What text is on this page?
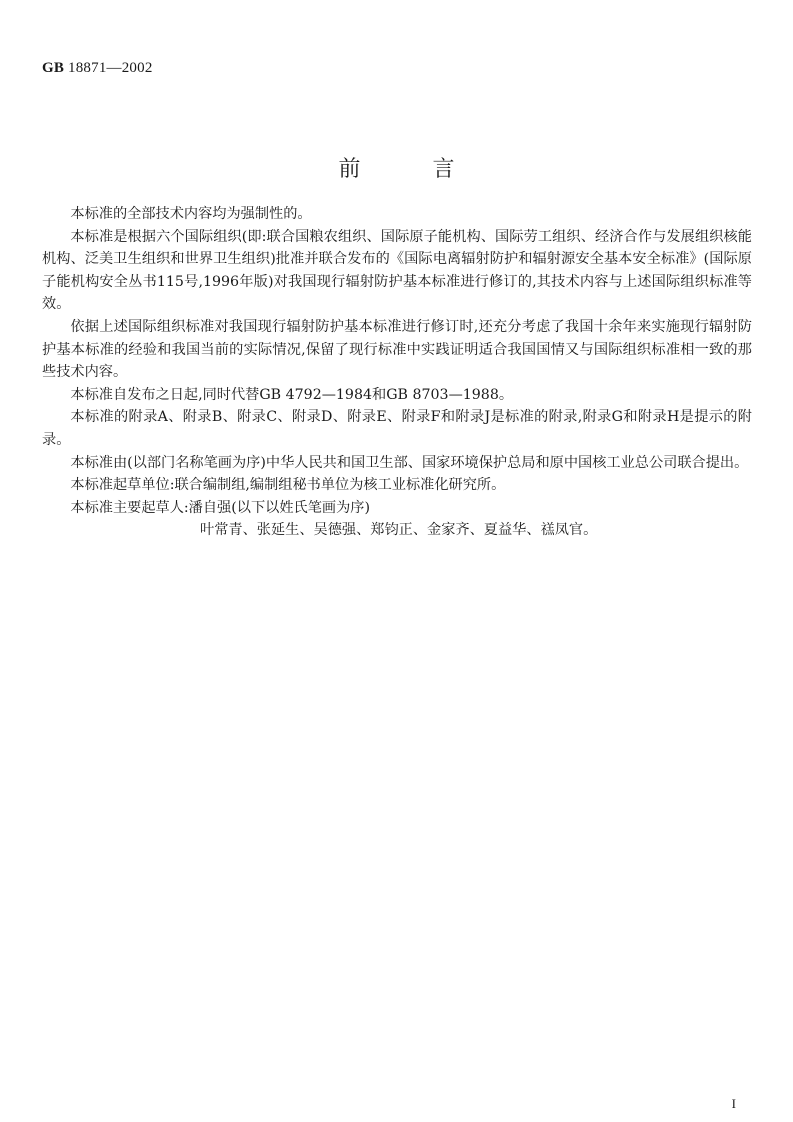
GB 18871—2002
前言

本标准的全部技术内容均为强制性的。

本标准是根据六个国际组织(即:联合国粮农组织、国际原子能机构、国际劳工组织、经济合作与发展组织核能机构、泛美卫生组织和世界卫生组织)批准并联合发布的《国际电离辐射防护和辐射源安全基本安全标准》(国际原子能机构安全丛书115号,1996年版)对我国现行辐射防护基本标准进行修订的,其技术内容与上述国际组织标准等效。

依据上述国际组织标准对我国现行辐射防护基本标准进行修订时,还充分考虑了我国十余年来实施现行辐射防护基本标准的经验和我国当前的实际情况,保留了现行标准中实践证明适合我国国情又与国际组织标准相一致的那些技术内容。

本标准自发布之日起,同时代替GB 4792—1984和GB 8703—1988。

本标准的附录A、附录B、附录C、附录D、附录E、附录F和附录J是标准的附录,附录G和附录H是提示的附录。

本标准由(以部门名称笔画为序)中华人民共和国卫生部、国家环境保护总局和原中国核工业总公司联合提出。

本标准起草单位:联合编制组,编制组秘书单位为核工业标准化研究所。

本标准主要起草人:潘自强(以下以姓氏笔画为序)

叶常青、张延生、吴德强、郑钧正、金家齐、夏益华、禚凤官。

I
